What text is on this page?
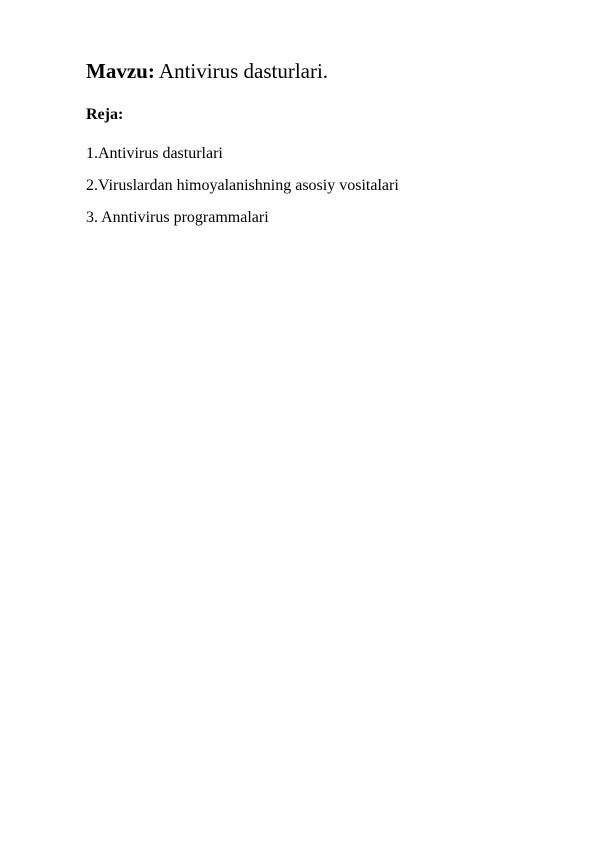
Mavzu: Antivirus dasturlari.
Reja:
1.Antivirus dasturlari
2.Viruslardan himoyalanishning asosiy vositalari
3. Anntivirus programmalari
